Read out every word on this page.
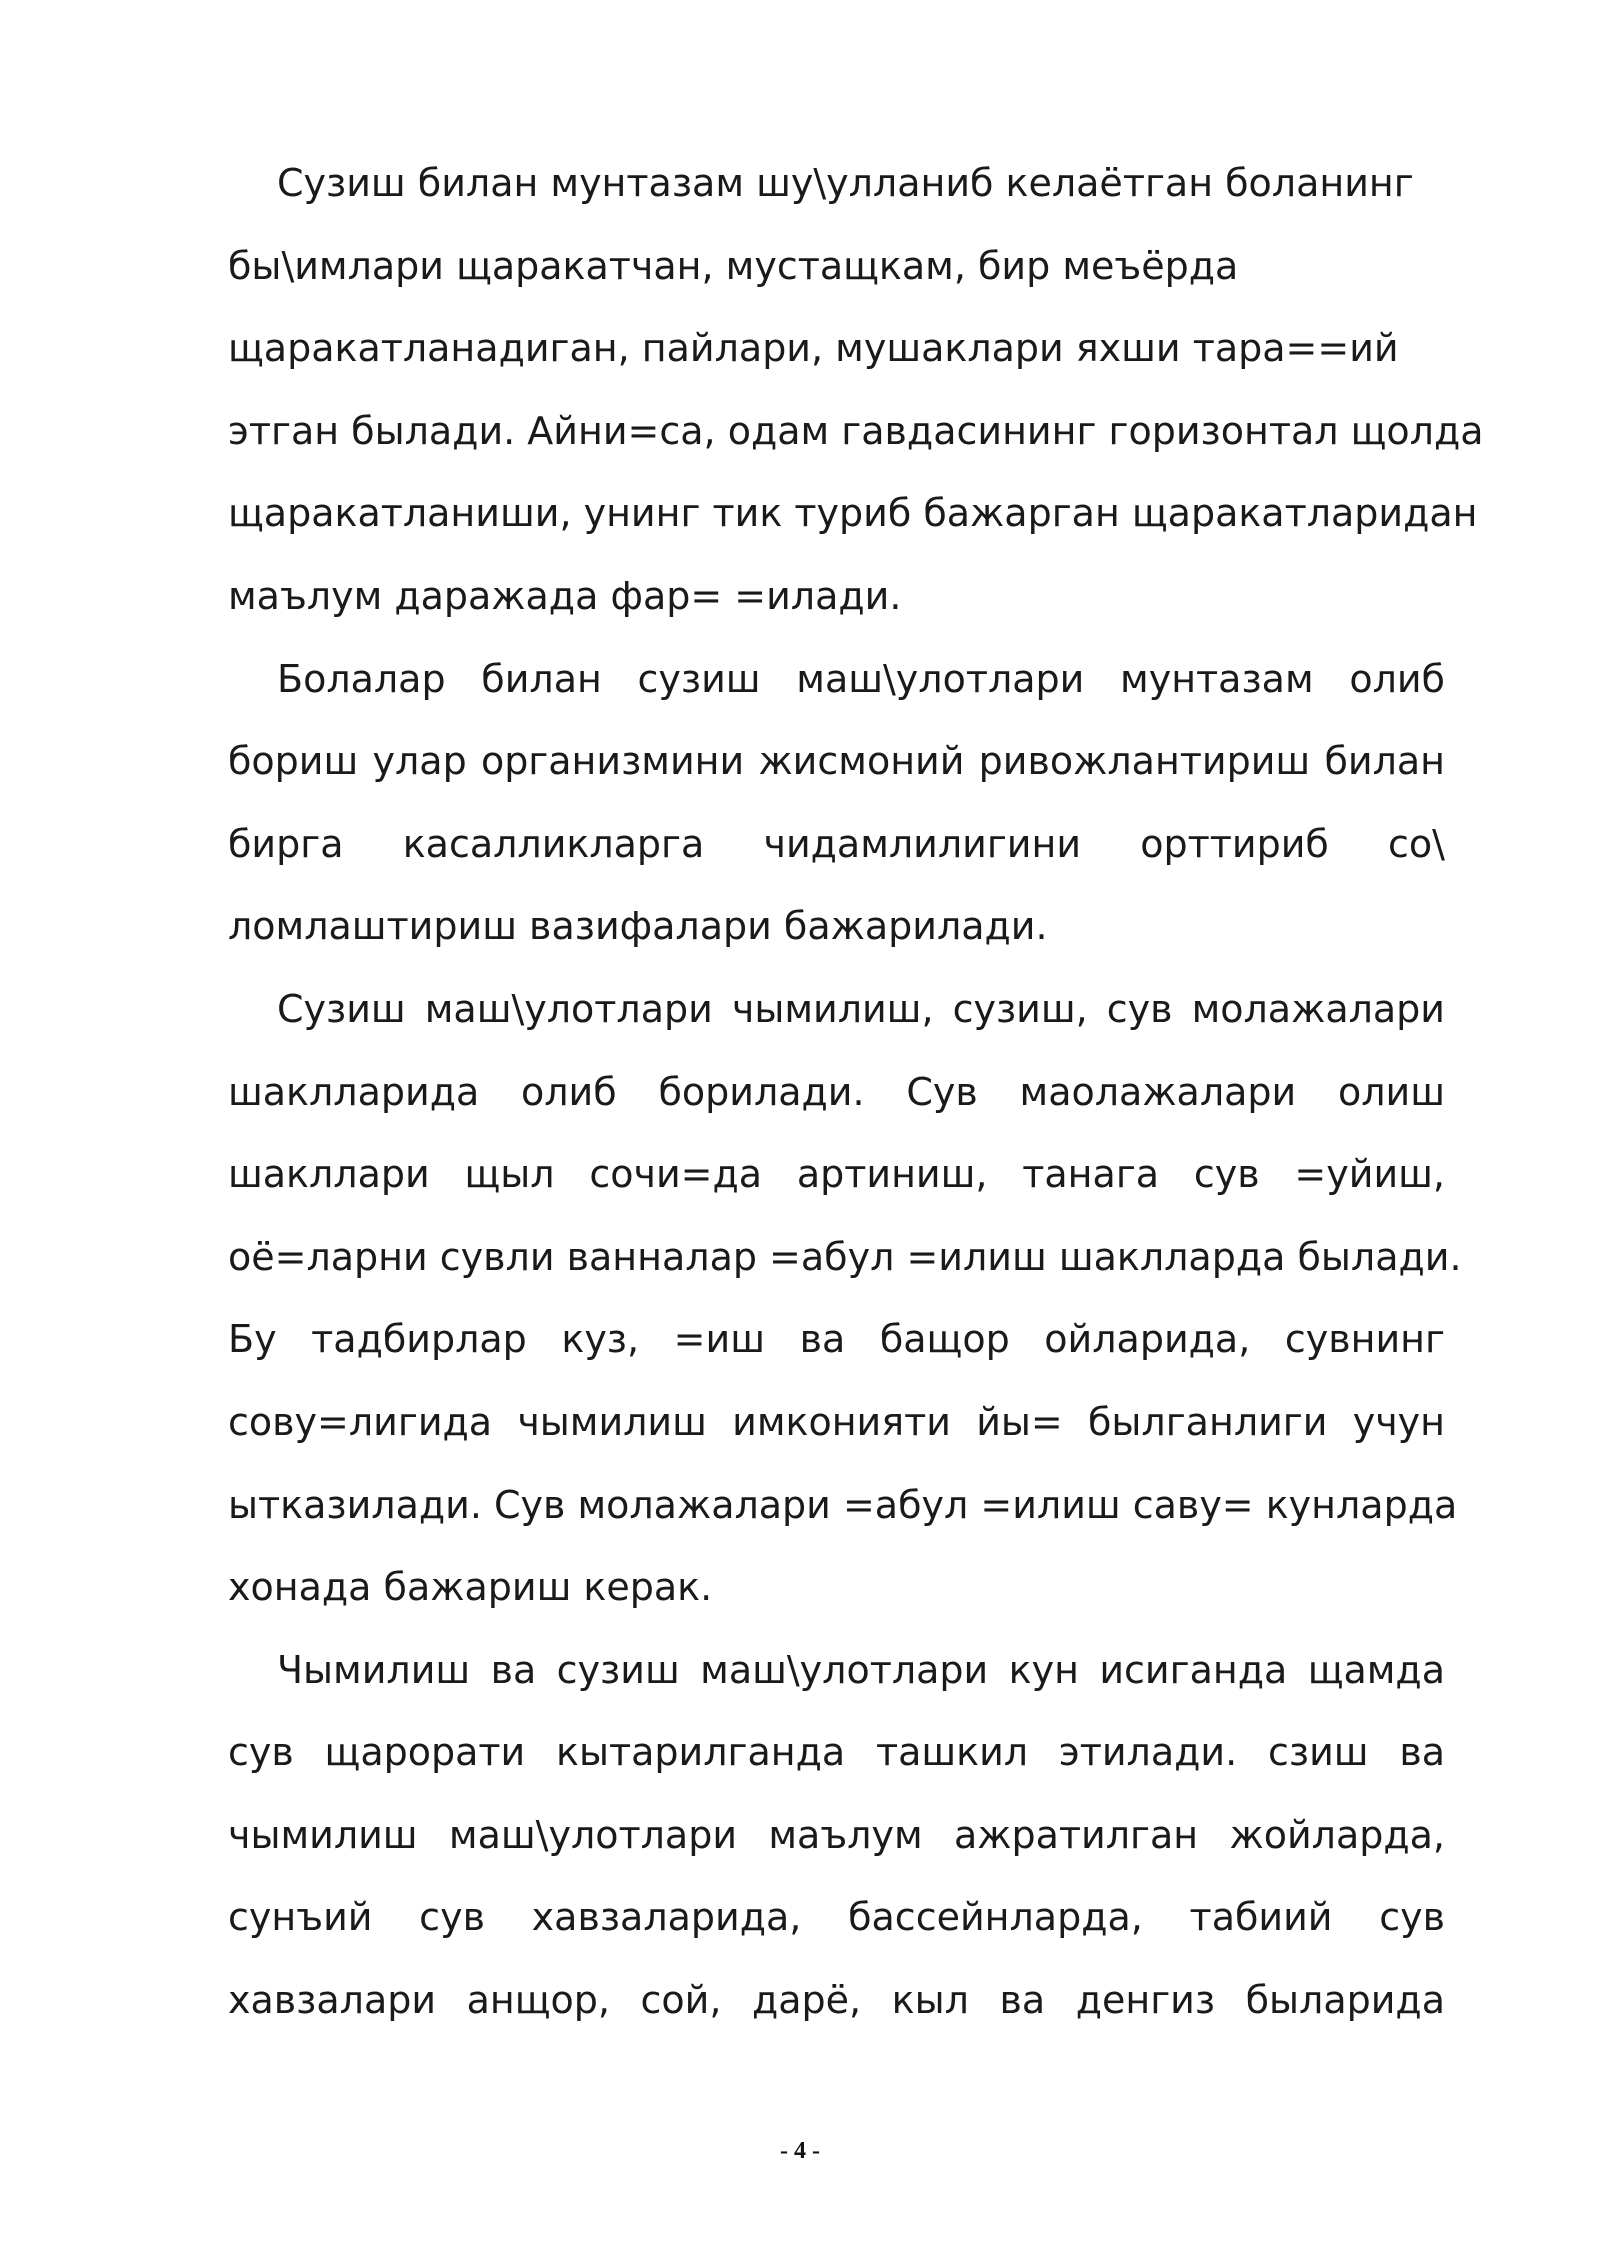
Сузиш билан мунтазам шу\улланиб келаётган боланинг
бы\имлари щаракатчан, мустащкам, бир меъёрда
щаракатланадиган, пайлари, мушаклари яхши тара==ий
этган былади. Айни=са, одам гавдасининг горизонтал щолда
щаракатланиши, унинг тик туриб бажарган щаракатларидан
маълум даражада фар= =илади.
Болалар билан сузиш маш\улотлари мунтазам олиб
бориш улар организмини жисмоний ривожлантириш билан
бирга касалликларга чидамлилигини орттириб со\
ломлаштириш вазифалари бажарилади.
Сузиш маш\улотлари чымилиш, сузиш, сув молажалари
шаклларида олиб борилади. Сув маолажалари олиш
шакллари щыл сочи=да артиниш, танага сув =уйиш,
оё=ларни сувли ванналар =абул =илиш шаклларда былади.
Бу тадбирлар куз, =иш ва бащор ойларида, сувнинг
сову=лигида чымилиш имконияти йы= былганлиги учун
ытказилади. Сув молажалари =абул =илиш саву= кунларда
хонада бажариш керак.
Чымилиш ва сузиш маш\улотлари кун исиганда щамда
сув щарорати кытарилганда ташкил этилади. сзиш ва
чымилиш маш\улотлари маълум ажратилган жойларда,
сунъий сув хавзаларида, бассейнларда, табиий сув
хавзалари анщор, сой, дарё, кыл ва денгиз быларида
- 4 -
